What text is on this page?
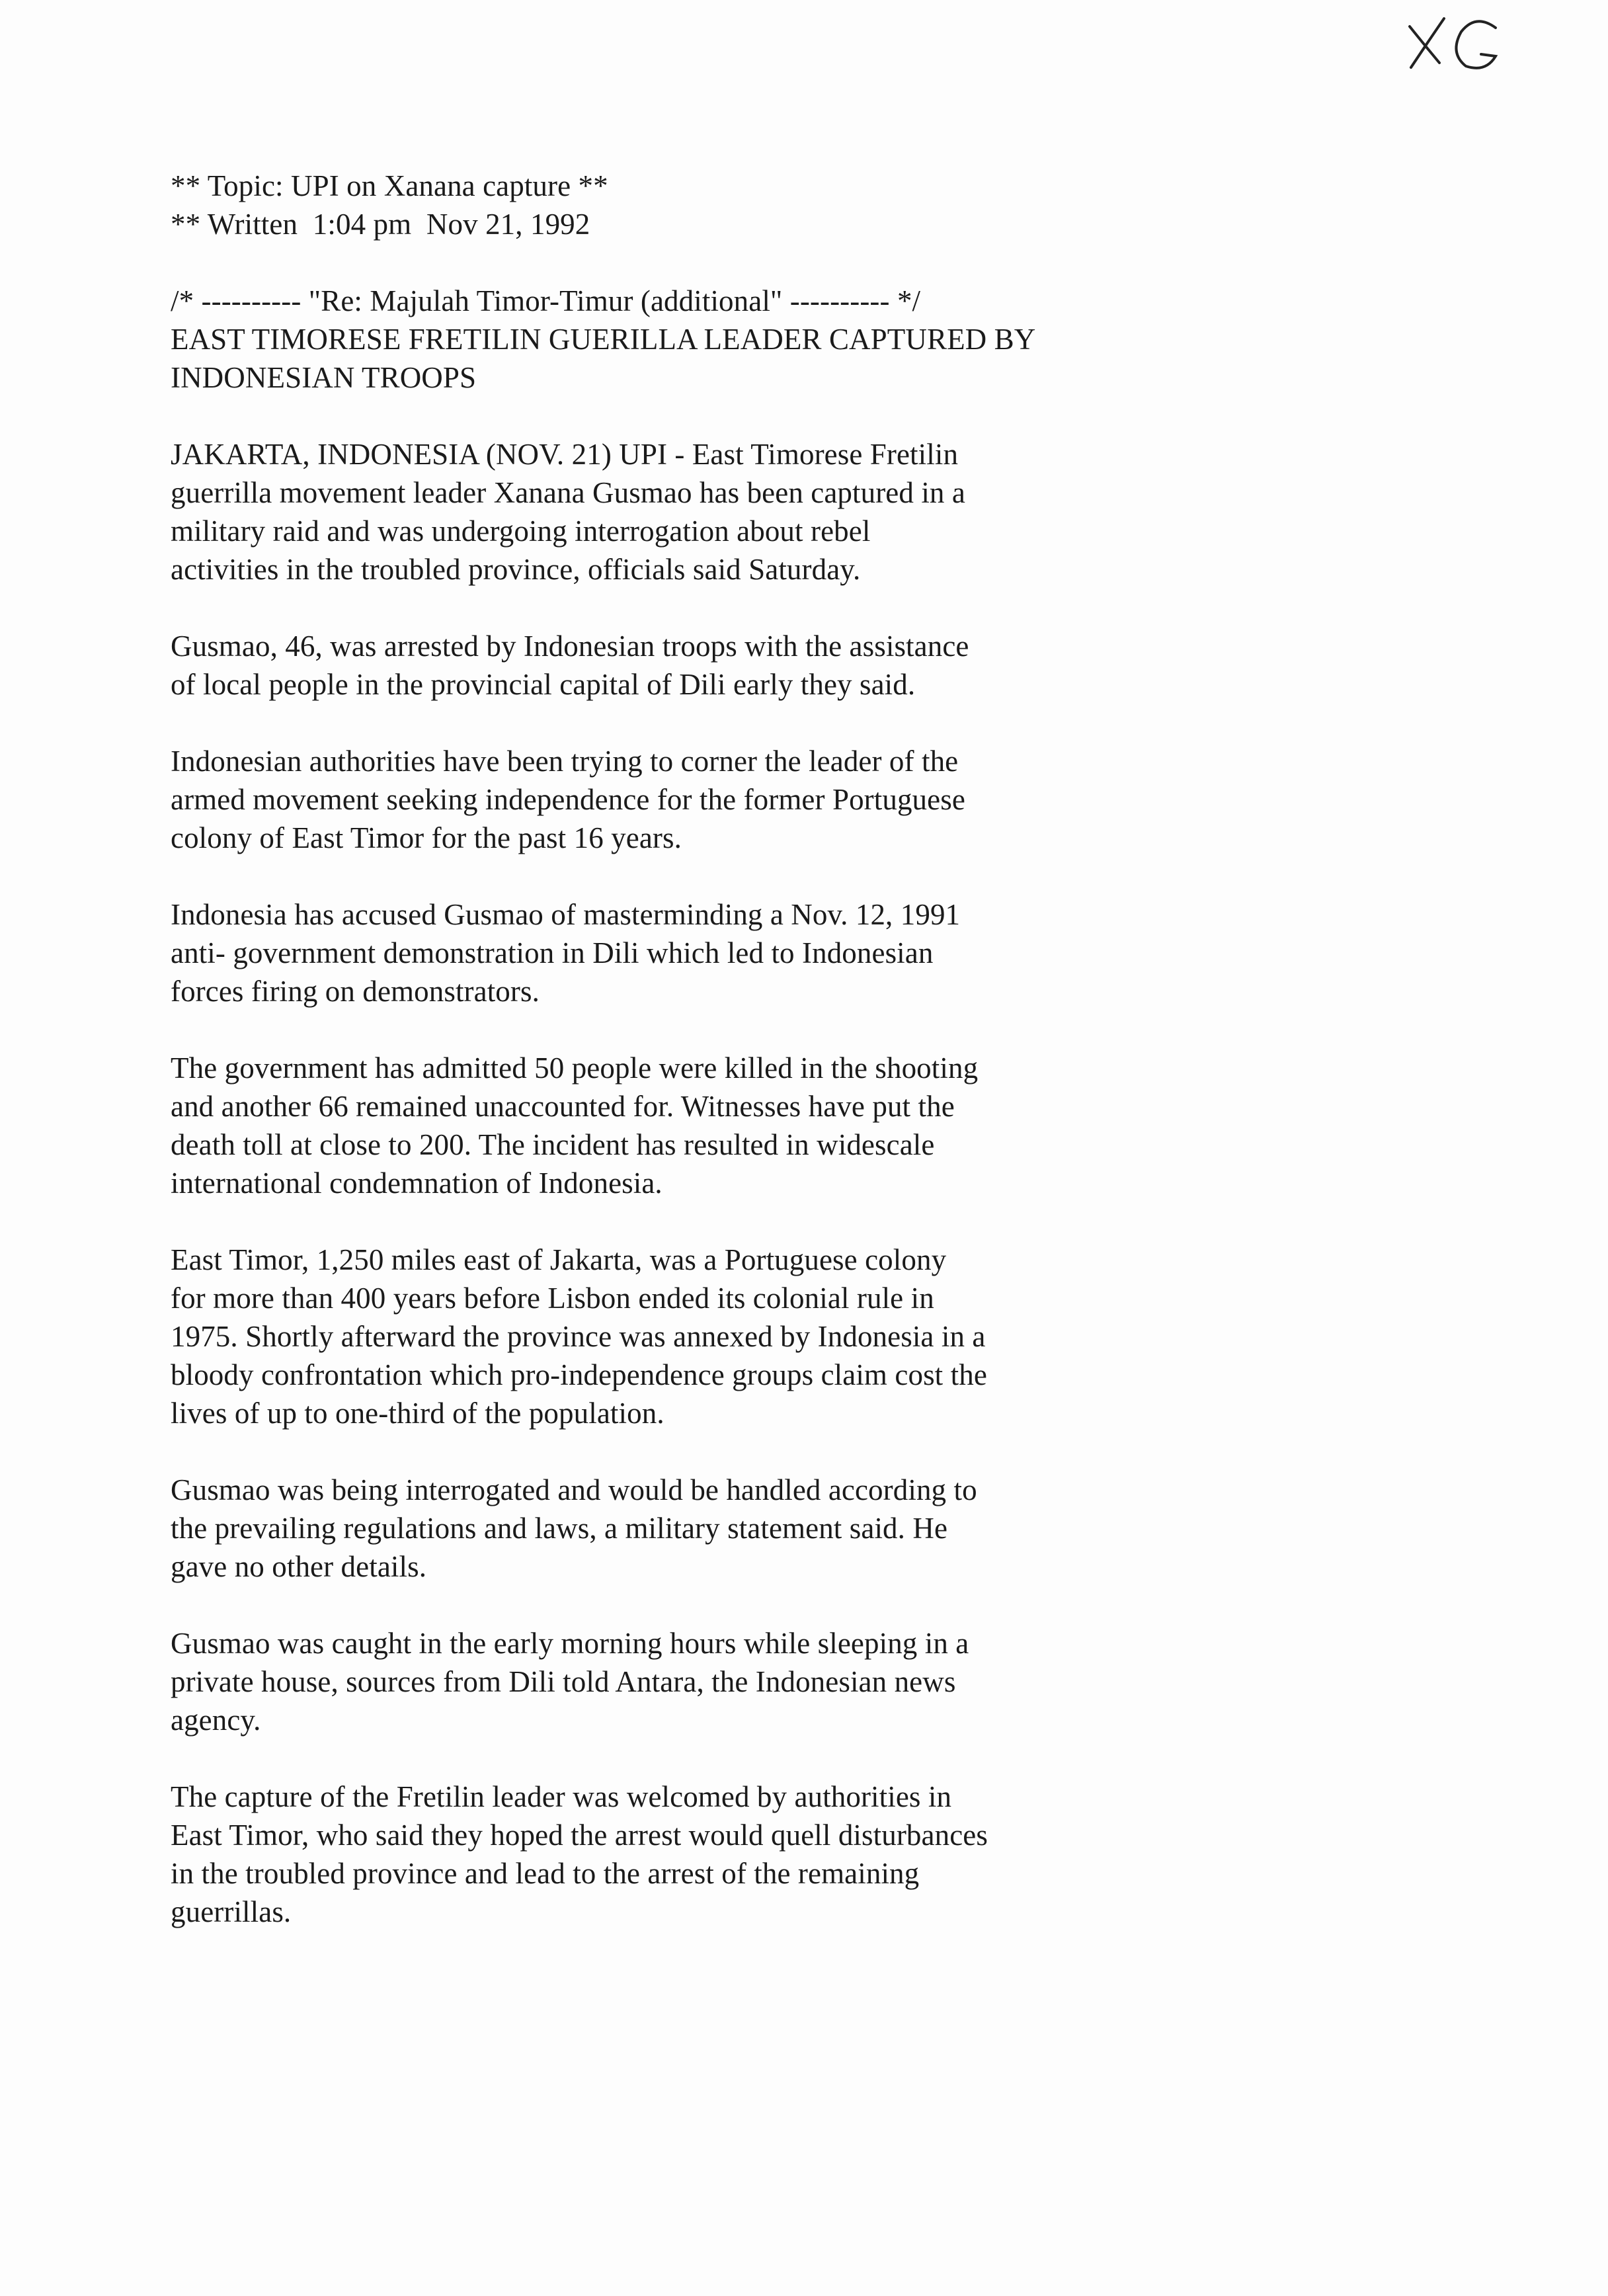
** Topic: UPI on Xanana capture **
** Written  1:04 pm  Nov 21, 1992
/* ---------- "Re: Majulah Timor-Timur (additional" ---------- */
EAST TIMORESE FRETILIN GUERILLA LEADER CAPTURED BY
INDONESIAN TROOPS
JAKARTA, INDONESIA (NOV. 21) UPI - East Timorese Fretilin
guerrilla movement leader Xanana Gusmao has been captured in a
military raid and was undergoing interrogation about rebel
activities in the troubled province, officials said Saturday.
Gusmao, 46, was arrested by Indonesian troops with the assistance
of local people in the provincial capital of Dili early they said.
Indonesian authorities have been trying to corner the leader of the
armed movement seeking independence for the former Portuguese
colony of East Timor for the past 16 years.
Indonesia has accused Gusmao of masterminding a Nov. 12, 1991
anti- government demonstration in Dili which led to Indonesian
forces firing on demonstrators.
The government has admitted 50 people were killed in the shooting
and another 66 remained unaccounted for. Witnesses have put the
death toll at close to 200. The incident has resulted in widescale
international condemnation of Indonesia.
East Timor, 1,250 miles east of Jakarta, was a Portuguese colony
for more than 400 years before Lisbon ended its colonial rule in
1975. Shortly afterward the province was annexed by Indonesia in a
bloody confrontation which pro-independence groups claim cost the
lives of up to one-third of the population.
Gusmao was being interrogated and would be handled according to
the prevailing regulations and laws, a military statement said. He
gave no other details.
Gusmao was caught in the early morning hours while sleeping in a
private house, sources from Dili told Antara, the Indonesian news
agency.
The capture of the Fretilin leader was welcomed by authorities in
East Timor, who said they hoped the arrest would quell disturbances
in the troubled province and lead to the arrest of the remaining
guerrillas.
